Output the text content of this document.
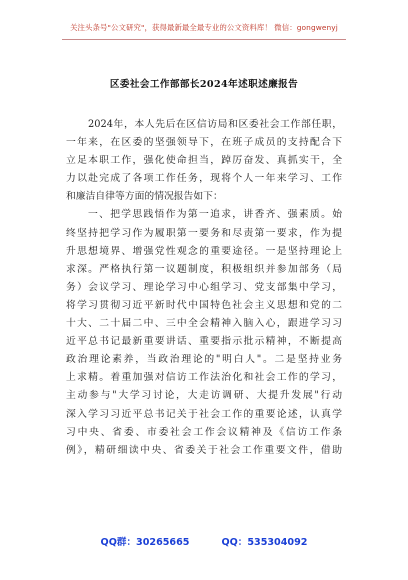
关注头条号"公文研究"，获得最新最全最专业的公文资料库！ 微信：gongwenyj
区委社会工作部部长2024年述职述廉报告
2024年，本人先后在区信访局和区委社会工作部任职，
一年来，在区委的坚强领导下，在班子成员的支持配合下
立足本职工作，强化使命担当，踔厉奋发、真抓实干，全
力以赴完成了各项工作任务，现将个人一年来学习、工作
和廉洁自律等方面的情况报告如下：
一、把学思践悟作为第一追求，讲香齐、强素质。始
终坚持把学习作为履职第一要务和尽责第一要求，作为提
升思想境界、增强党性观念的重要途径。一是坚持理论上
求深。严格执行第一议题制度，积极组织并参加部务（局
务）会议学习、理论学习中心组学习、党支部集中学习，
将学习贯彻习近平新时代中国特色社会主义思想和党的二
十大、二十届二中、三中全会精神入脑入心，跟进学习习
近平总书记最新重要讲话、重要指示批示精神，不断提高
政治理论素养，当政治理论的"明白人"。二是坚持业务
上求精。着重加强对信访工作法治化和社会工作的学习，
主动参与"大学习讨论，大走访调研、大提升发展"行动
深入学习习近平总书记关于社会工作的重要论述，认真学
习中央、省委、市委社会工作会议精神及《信访工作条
例》，精研细读中央、省委关于社会工作重要文件，借助
QQ群：30265665	QQ：535304092
